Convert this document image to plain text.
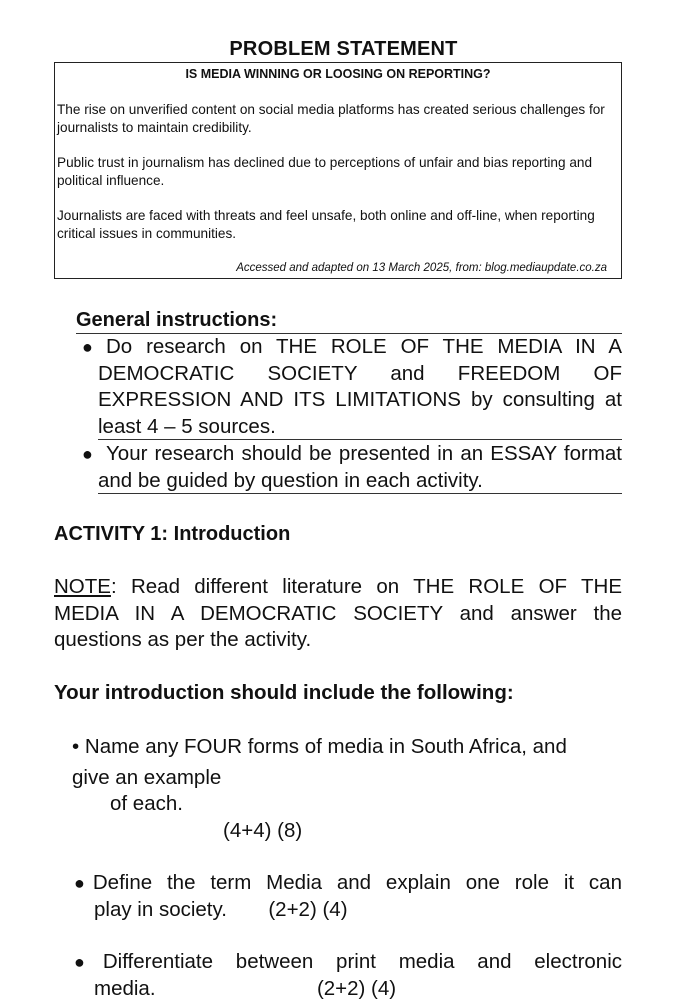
PROBLEM STATEMENT
IS MEDIA WINNING OR LOOSING ON REPORTING?
The rise on unverified content on social media platforms has created serious challenges for journalists to maintain credibility.
Public trust in journalism has declined due to perceptions of unfair and bias reporting and political influence.
Journalists are faced with threats and feel unsafe, both online and off-line, when reporting critical issues in communities.
Accessed and adapted on 13 March 2025, from: blog.mediaupdate.co.za
General instructions:
● Do research on THE ROLE OF THE MEDIA IN A DEMOCRATIC SOCIETY and FREEDOM OF EXPRESSION AND ITS LIMITATIONS by consulting at least 4 – 5 sources.
● Your research should be presented in an ESSAY format and be guided by question in each activity.
ACTIVITY 1: Introduction
NOTE: Read different literature on THE ROLE OF THE MEDIA IN A DEMOCRATIC SOCIETY and answer the questions as per the activity.
Your introduction should include the following:
• Name any FOUR forms of media in South Africa, and
give an example
of each.
(4+4) (8)
● Define the term Media and explain one role it can
play in society. (2+2) (4)
● Differentiate between print media and electronic
media.	(2+2) (4)
